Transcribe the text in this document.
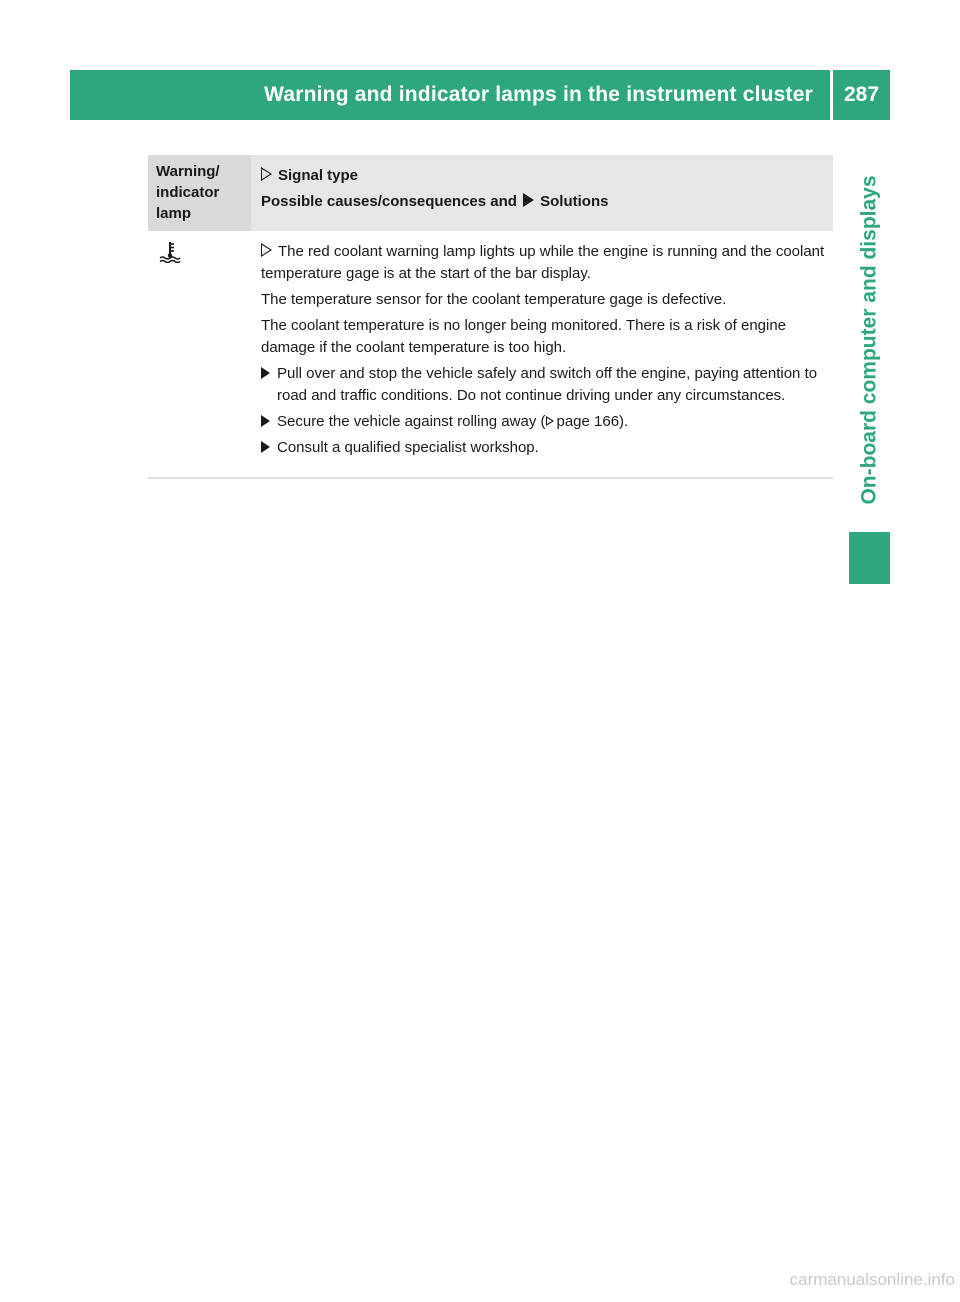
Warning and indicator lamps in the instrument cluster	287
On-board computer and displays
Warning/
indicator
lamp
Signal type
Possible causes/consequences and Solutions

The red coolant warning lamp lights up while the engine is running and the coolant temperature gage is at the start of the bar display.

The temperature sensor for the coolant temperature gage is defective.

The coolant temperature is no longer being monitored. There is a risk of engine damage if the coolant temperature is too high.

Pull over and stop the vehicle safely and switch off the engine, paying attention to road and traffic conditions. Do not continue driving under any circumstances.
Secure the vehicle against rolling away ( page 166).
Consult a qualified specialist workshop.
carmanualsonline.info
